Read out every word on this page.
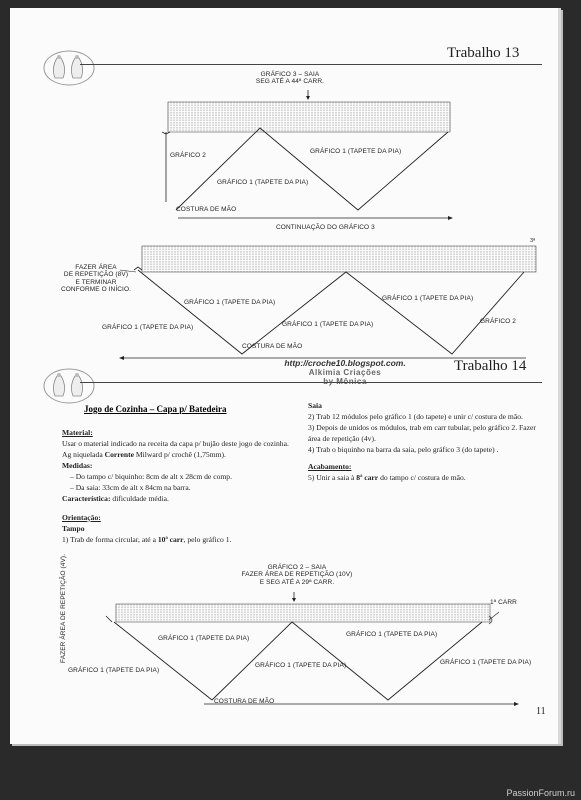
Trabalho 13
GRÁFICO 3 – SAIA
SEG ATÉ A 44ª CARR.
GRÁFICO 2
GRÁFICO 1 (TAPETE DA PIA)
GRÁFICO 1 (TAPETE DA PIA)
COSTURA DE MÃO
CONTINUAÇÃO DO GRÁFICO 3
3ª
FAZER ÁREA
DE REPETIÇÃO (8V)
E TERMINAR
CONFORME O INÍCIO.
GRÁFICO 1 (TAPETE DA PIA)
GRÁFICO 1 (TAPETE DA PIA)
GRÁFICO 1 (TAPETE DA PIA)	GRÁFICO 1 (TAPETE DA PIA)	GRÁFICO 2
COSTURA DE MÃO
http://croche10.blogspot.com.
Alkimia Criações	Trabalho 14
Jogo de Cozinha – Capa p/ Batedeira

Material:

Usar o material indicado na receita da capa p/ bujão deste jogo de cozinha.

Ag niquelada Corrente Milward p/ crochê (1,75mm).

Medidas:

– Do tampo c/ biquinho: 8cm de alt x 28cm de comp.

– Da saia: 33cm de alt x 84cm na barra.

Característica: dificuldade média.

Orientação:

Tampo

1) Trab de forma circular, até a 10ª carr, pelo gráfico 1.

Saia

2) Trab 12 módulos pelo gráfico 1 (do tapete) e unir c/ costura de mão.

3) Depois de unidos os módulos, trab em carr tubular, pelo gráfico 2. Fazer área de repetição (4v).

4) Trab o biquinho na barra da saia, pelo gráfico 3 (do tapete) .

Acabamento:

5) Unir a saia à 8ª carr do tampo c/ costura de mão.

GRÁFICO 2 – SAIA
FAZER ÁREA DE REPETIÇÃO (10V)
E SEG ATÉ A 29ª CARR.
FAZER ÁREA DE REPETIÇÃO (4V).	1ª CARR
GRÁFICO 1 (TAPETE DA PIA)
GRÁFICO 1 (TAPETE DA PIA)
GRÁFICO 1 (TAPETE DA PIA)
GRÁFICO 1 (TAPETE DA PIA)	GRÁFICO 1 (TAPETE DA PIA)
COSTURA DE MÃO
11
PassionForum.ru
